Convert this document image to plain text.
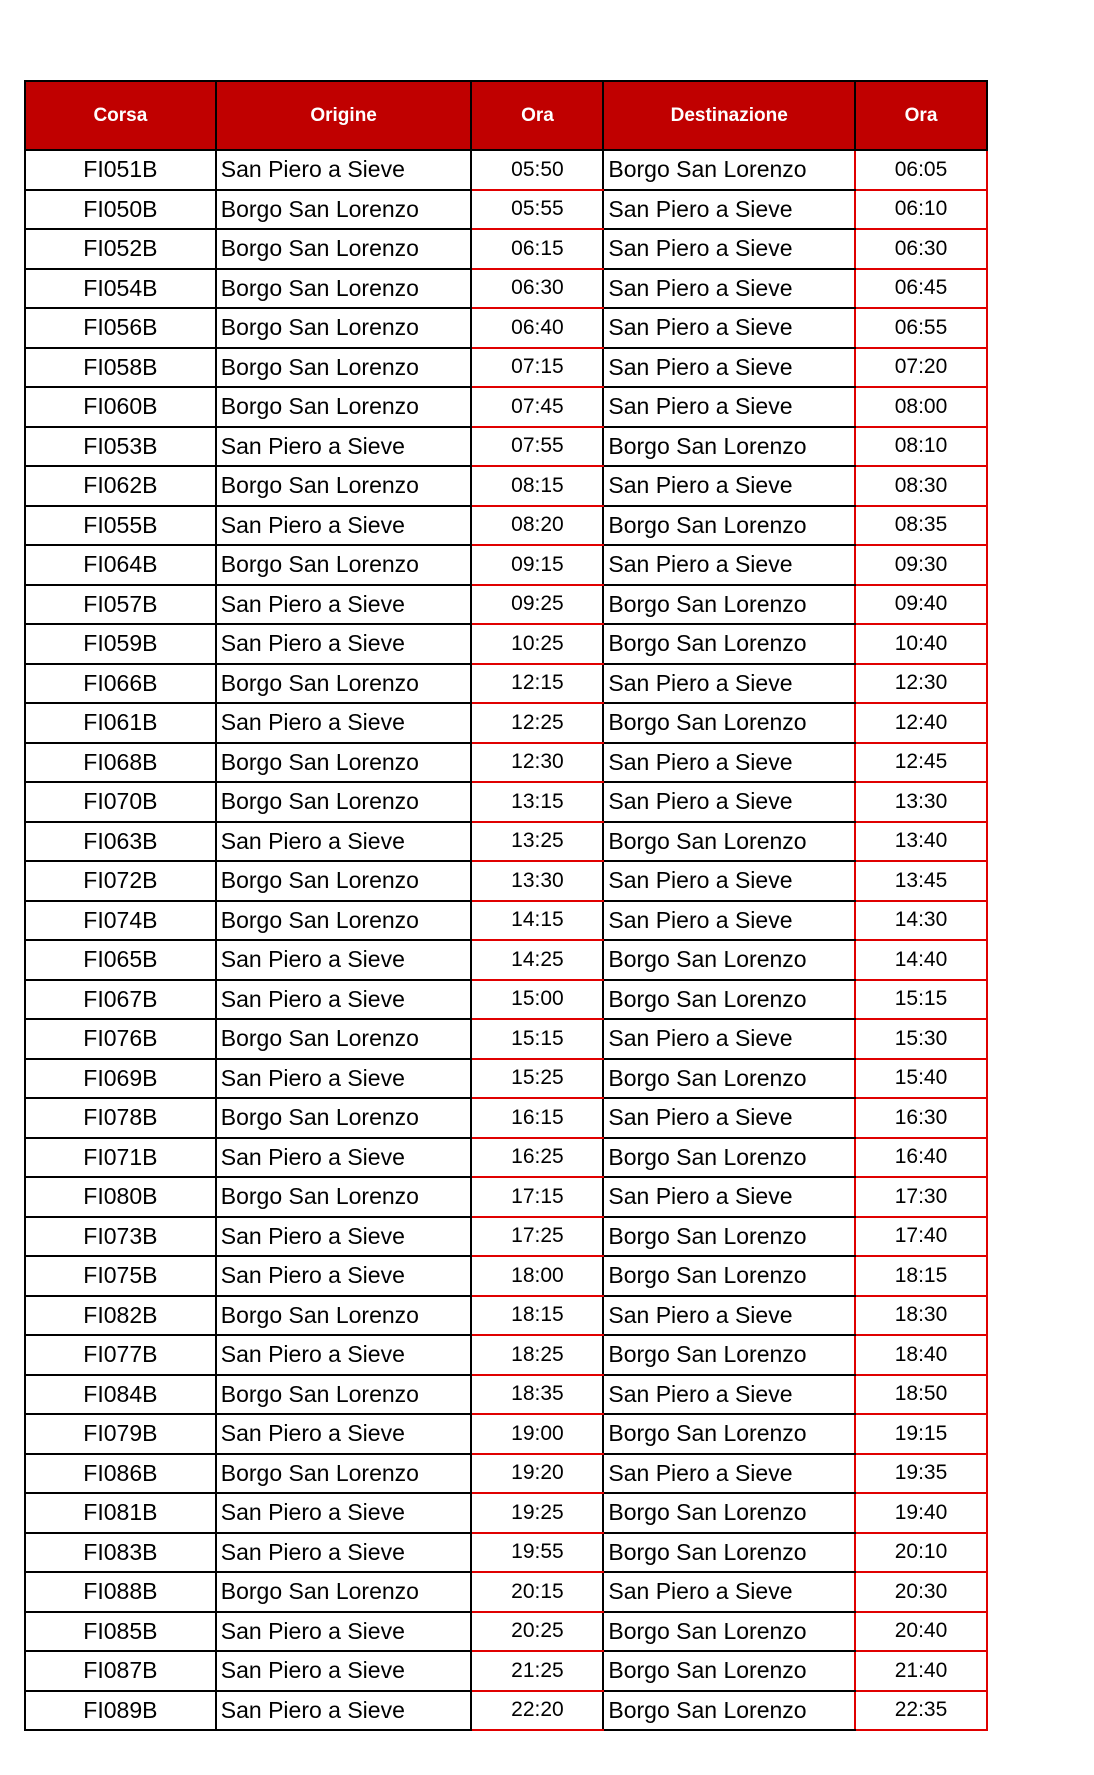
Corsa	Origine	Ora	Destinazione	Ora
FI051B	San Piero a Sieve	05:50	Borgo San Lorenzo	06:05
FI050B	Borgo San Lorenzo	05:55	San Piero a Sieve	06:10
FI052B	Borgo San Lorenzo	06:15	San Piero a Sieve	06:30
FI054B	Borgo San Lorenzo	06:30	San Piero a Sieve	06:45
FI056B	Borgo San Lorenzo	06:40	San Piero a Sieve	06:55
FI058B	Borgo San Lorenzo	07:15	San Piero a Sieve	07:20
FI060B	Borgo San Lorenzo	07:45	San Piero a Sieve	08:00
FI053B	San Piero a Sieve	07:55	Borgo San Lorenzo	08:10
FI062B	Borgo San Lorenzo	08:15	San Piero a Sieve	08:30
FI055B	San Piero a Sieve	08:20	Borgo San Lorenzo	08:35
FI064B	Borgo San Lorenzo	09:15	San Piero a Sieve	09:30
FI057B	San Piero a Sieve	09:25	Borgo San Lorenzo	09:40
FI059B	San Piero a Sieve	10:25	Borgo San Lorenzo	10:40
FI066B	Borgo San Lorenzo	12:15	San Piero a Sieve	12:30
FI061B	San Piero a Sieve	12:25	Borgo San Lorenzo	12:40
FI068B	Borgo San Lorenzo	12:30	San Piero a Sieve	12:45
FI070B	Borgo San Lorenzo	13:15	San Piero a Sieve	13:30
FI063B	San Piero a Sieve	13:25	Borgo San Lorenzo	13:40
FI072B	Borgo San Lorenzo	13:30	San Piero a Sieve	13:45
FI074B	Borgo San Lorenzo	14:15	San Piero a Sieve	14:30
FI065B	San Piero a Sieve	14:25	Borgo San Lorenzo	14:40
FI067B	San Piero a Sieve	15:00	Borgo San Lorenzo	15:15
FI076B	Borgo San Lorenzo	15:15	San Piero a Sieve	15:30
FI069B	San Piero a Sieve	15:25	Borgo San Lorenzo	15:40
FI078B	Borgo San Lorenzo	16:15	San Piero a Sieve	16:30
FI071B	San Piero a Sieve	16:25	Borgo San Lorenzo	16:40
FI080B	Borgo San Lorenzo	17:15	San Piero a Sieve	17:30
FI073B	San Piero a Sieve	17:25	Borgo San Lorenzo	17:40
FI075B	San Piero a Sieve	18:00	Borgo San Lorenzo	18:15
FI082B	Borgo San Lorenzo	18:15	San Piero a Sieve	18:30
FI077B	San Piero a Sieve	18:25	Borgo San Lorenzo	18:40
FI084B	Borgo San Lorenzo	18:35	San Piero a Sieve	18:50
FI079B	San Piero a Sieve	19:00	Borgo San Lorenzo	19:15
FI086B	Borgo San Lorenzo	19:20	San Piero a Sieve	19:35
FI081B	San Piero a Sieve	19:25	Borgo San Lorenzo	19:40
FI083B	San Piero a Sieve	19:55	Borgo San Lorenzo	20:10
FI088B	Borgo San Lorenzo	20:15	San Piero a Sieve	20:30
FI085B	San Piero a Sieve	20:25	Borgo San Lorenzo	20:40
FI087B	San Piero a Sieve	21:25	Borgo San Lorenzo	21:40
FI089B	San Piero a Sieve	22:20	Borgo San Lorenzo	22:35
